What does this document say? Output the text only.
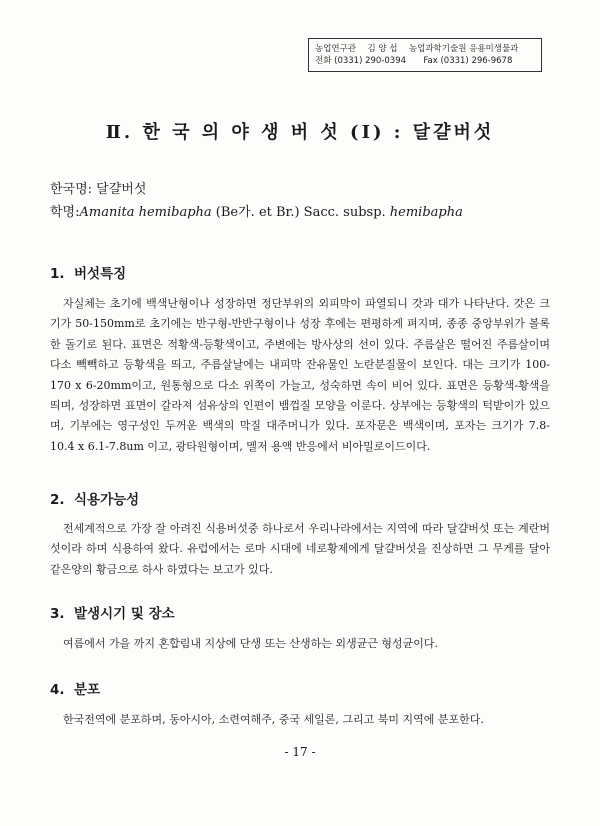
농업연구관 김 양 섭 농업과학기술원 응용미생물과
전화 (0331) 290-0394 Fax (0331) 296-9678
Ⅱ. 한 국 의 야 생 버 섯 (Ⅰ) : 달걀버섯
한국명: 달걀버섯
학명:Amanita hemibapha (Be가. et Br.) Sacc. subsp. hemibapha
1. 버섯특징
자실체는 초기에 백색난형이나 성장하면 정단부위의 외피막이 파열되니 갓과 대가 나타난다. 갓은 크기가 50-150mm로 초기에는 반구형-반반구형이나 성장 후에는 편평하게 펴지며, 종종 중앙부위가 볼록한 돌기로 된다. 표면은 적황색-등황색이고, 주변에는 방사상의 선이 있다. 주름살은 떨어진 주름살이며 다소 빽빽하고 등황색을 띄고, 주름살날에는 내피막 잔유물인 노란분질물이 보인다. 대는 크기가 100-170 x 6-20mm이고, 원통형으로 다소 위쪽이 가늘고, 성숙하면 속이 비어 있다. 표면은 등황색-황색을 띄며, 성장하면 표면이 갈라져 섬유상의 인편이 뱀껍질 모양을 이룬다. 상부에는 등황색의 턱받이가 있으며, 기부에는 영구성인 두꺼운 백색의 막질 대주머니가 있다. 포자문은 백색이며, 포자는 크기가 7.8-10.4 x 6.1-7.8um 이고, 광타원형이며, 멜저 용액 반응에서 비아밀로이드이다.
2. 식용가능성
전세계적으로 가장 잘 아려진 식용버섯중 하나로서 우리나라에서는 지역에 따라 달걀버섯 또는 계란버섯이라 하며 식용하여 왔다. 유럽에서는 로마 시대에 네로황제에게 달걀버섯을 진상하면 그 무게를 달아 같은양의 황금으로 하사 하였다는 보고가 있다.
3. 발생시기 및 장소
여름에서 가을 까지 혼합림내 지상에 단생 또는 산생하는 외생균근 형성균이다.
4. 분포
한국전역에 분포하며, 동아시아, 소련여해주, 중국 세일론, 그리고 북미 지역에 분포한다.
- 17 -
